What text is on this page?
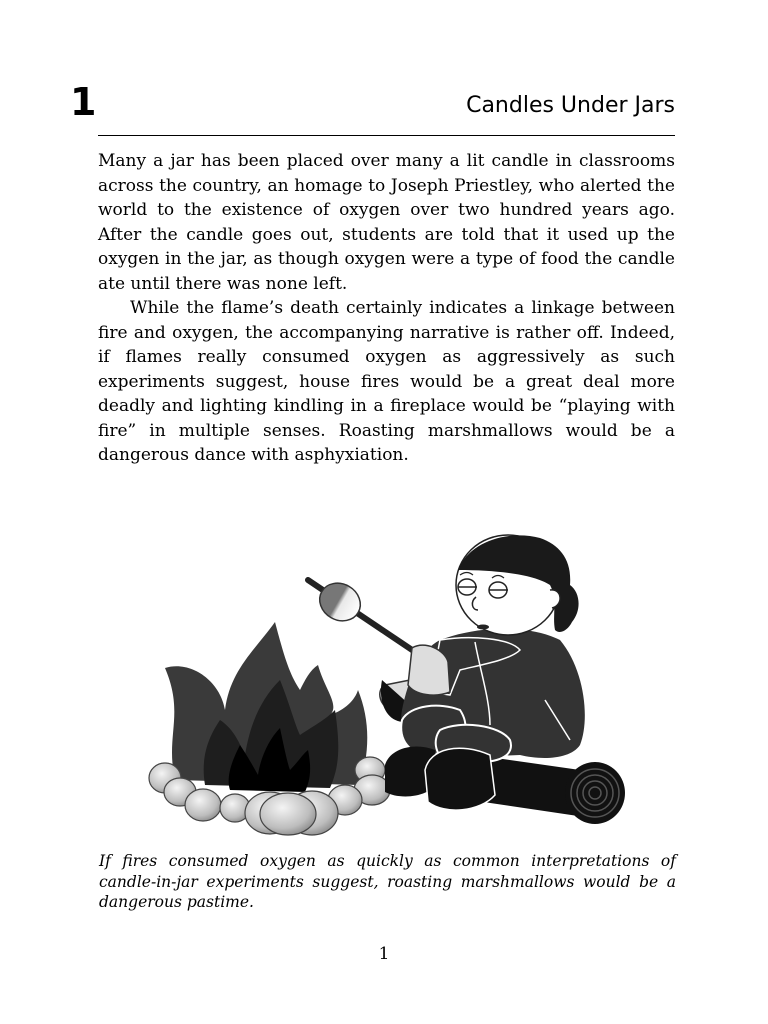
1	Candles Under Jars

Many a jar has been placed over many a lit candle in classrooms across the country, an homage to Joseph Priestley, who alerted the world to the existence of oxygen over two hundred years ago. After the candle goes out, students are told that it used up the oxygen in the jar, as though oxygen were a type of food the candle ate until there was none left.

While the flame’s death certainly indicates a linkage between fire and oxygen, the accompanying narrative is rather off. Indeed, if flames really consumed oxygen as aggressively as such experiments suggest, house fires would be a great deal more deadly and lighting kindling in a fireplace would be “playing with fire” in multiple senses. Roasting marshmallows would be a dangerous dance with asphyxiation.

If fires consumed oxygen as quickly as common interpretations of candle-in-jar experiments suggest, roasting marshmallows would be a dangerous pastime.
1
